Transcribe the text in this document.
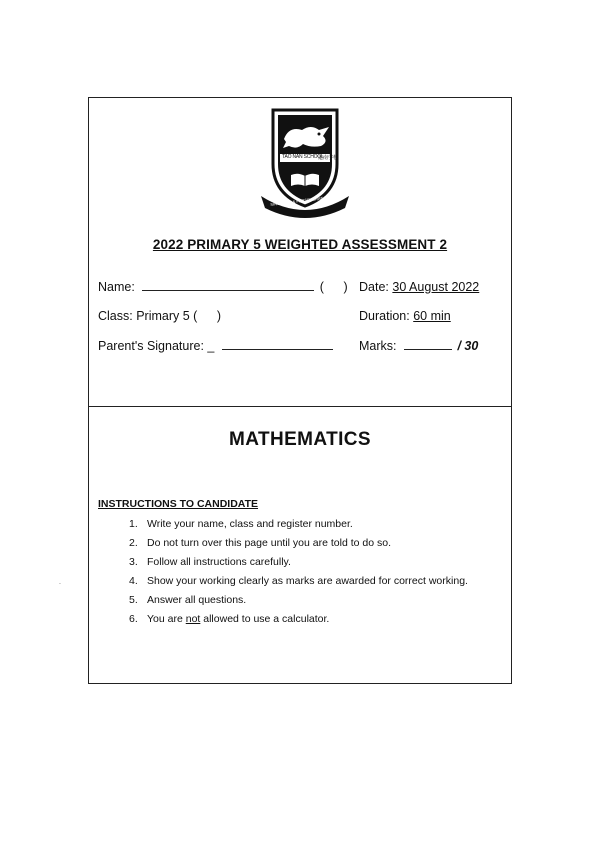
TAO NAN SCHOOL
道南学校
SINCERITY & PERSEVERANCE
2022 PRIMARY 5 WEIGHTED ASSESSMENT 2
Name:	( ) Date: 30 August 2022
Class: Primary 5 ( )	Duration: 60 min
Parent's Signature: _	Marks:	/ 30
MATHEMATICS
INSTRUCTIONS TO CANDIDATE
1. Write your name, class and register number.
2. Do not turn over this page until you are told to do so.
3. Follow all instructions carefully.
4. Show your working clearly as marks are awarded for correct working.
5. Answer all questions.
6. You are not allowed to use a calculator.
.
